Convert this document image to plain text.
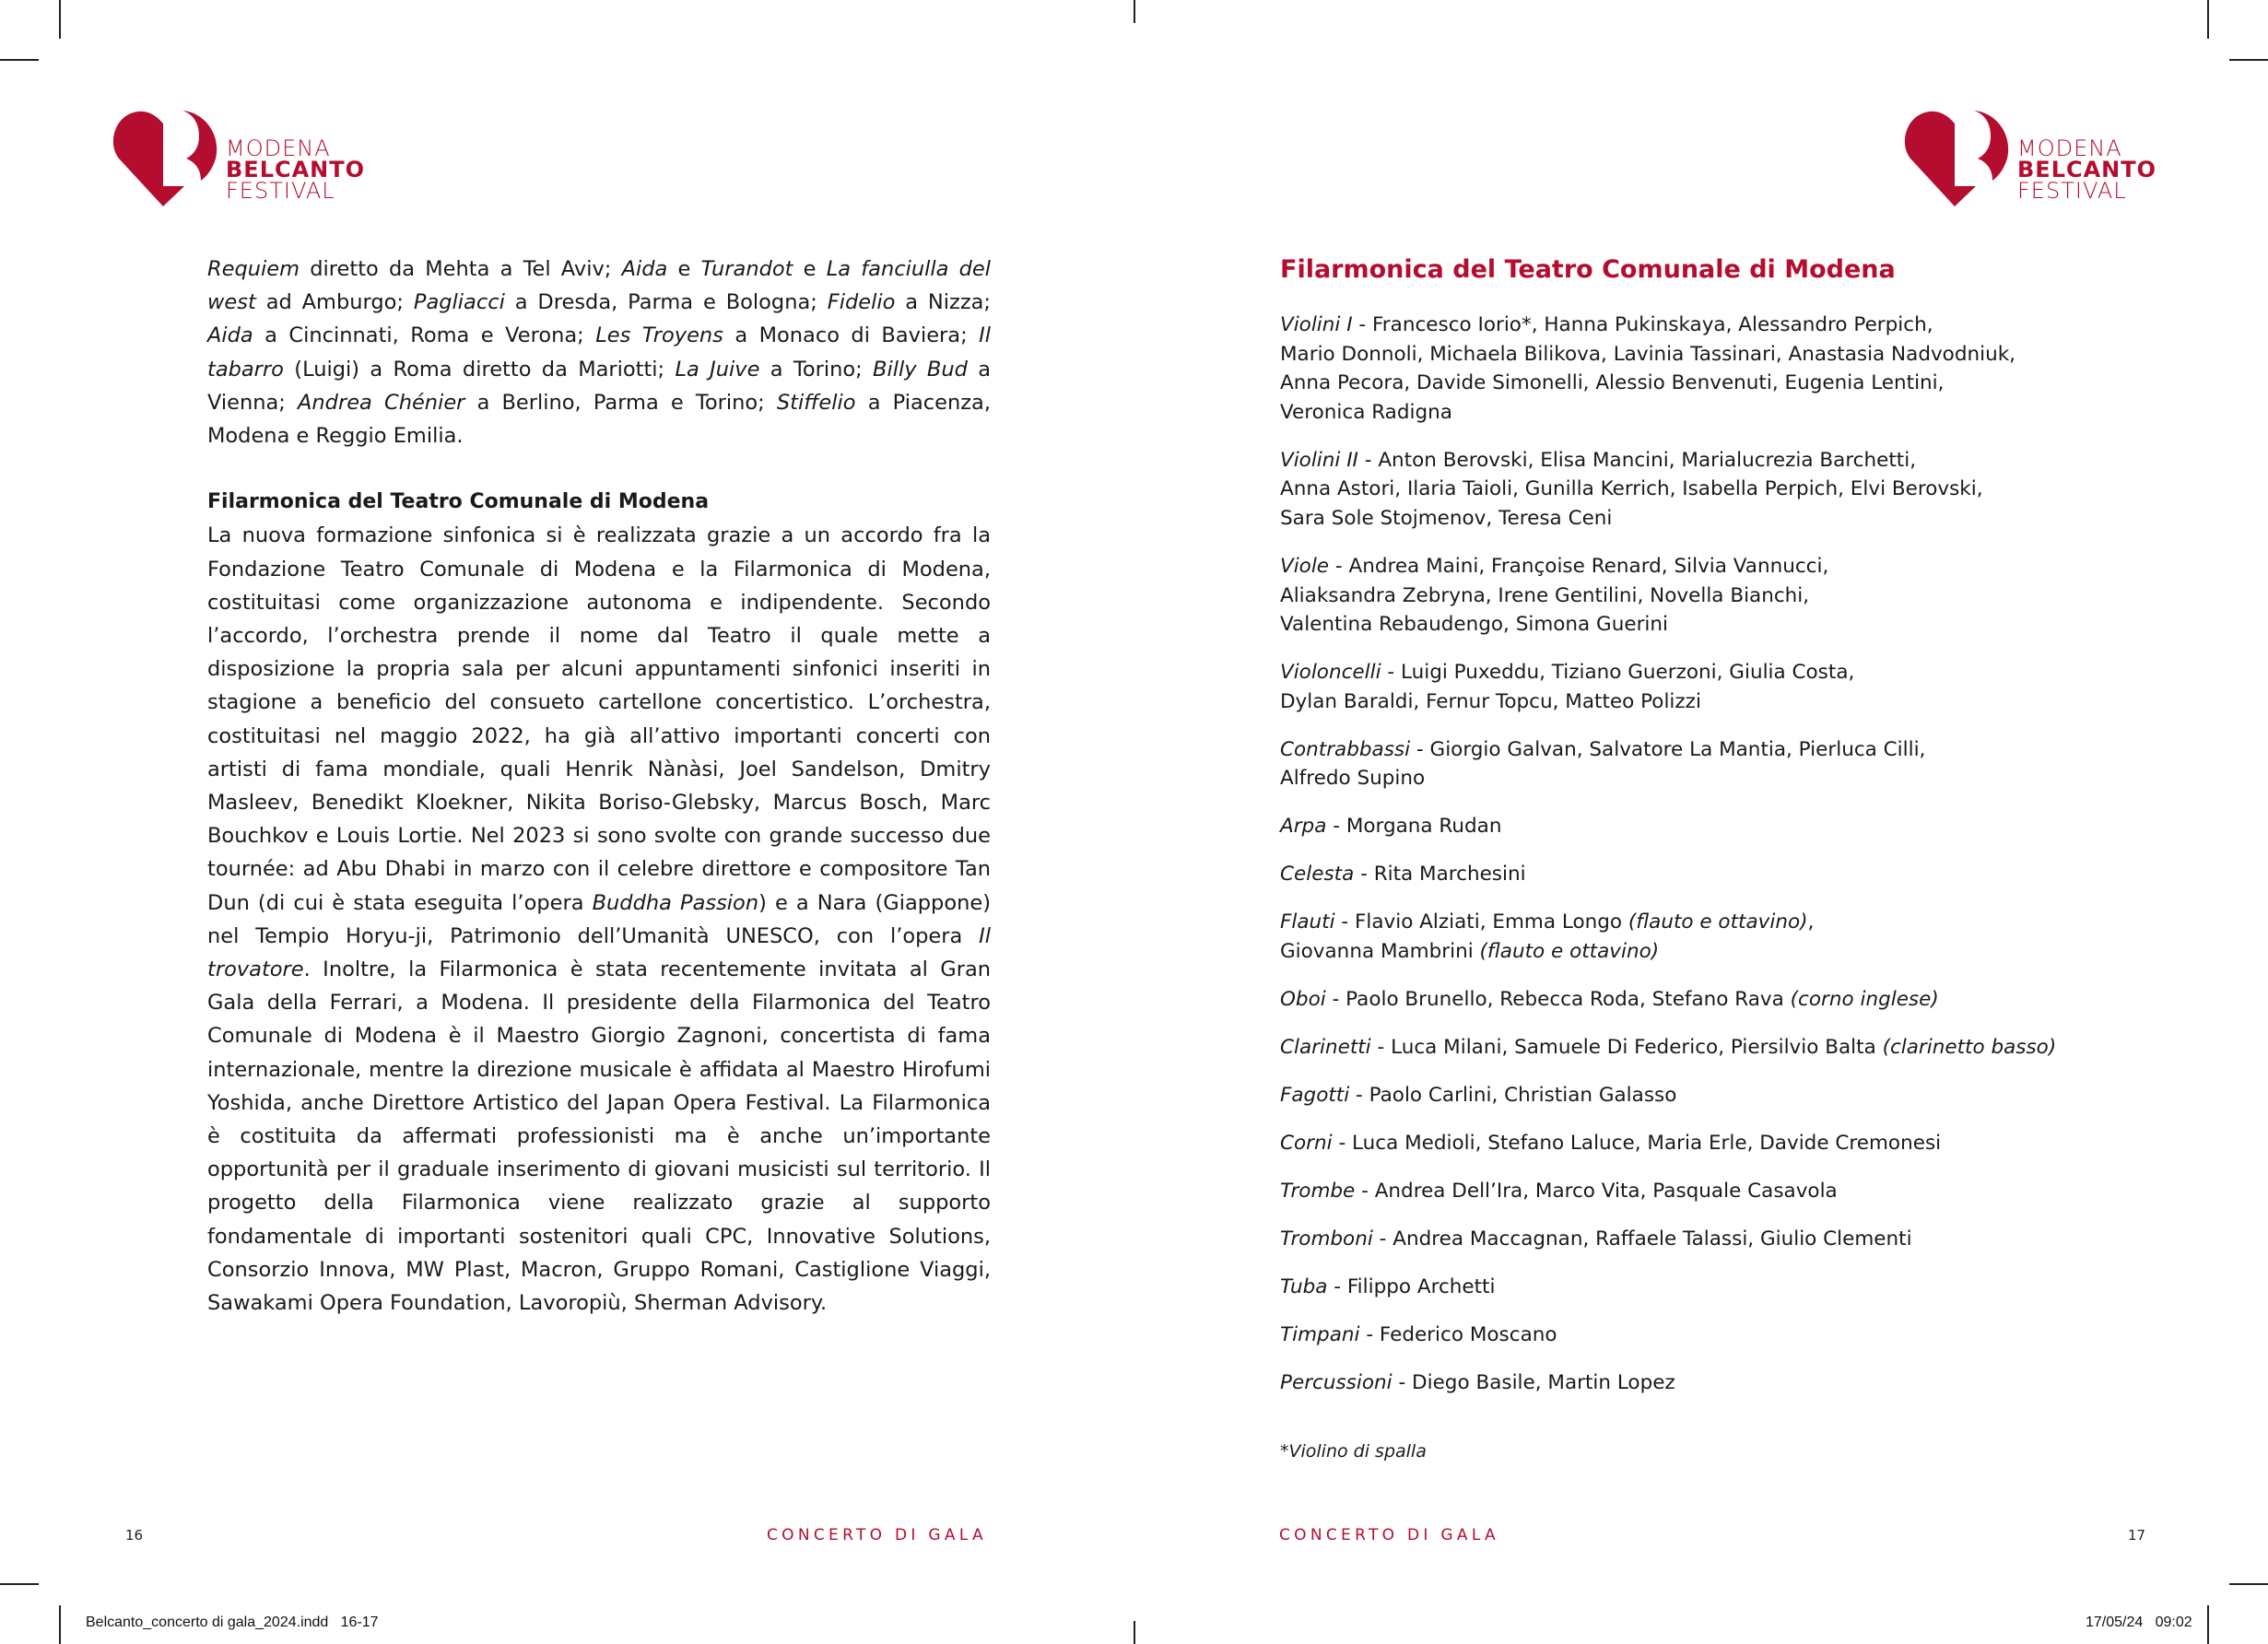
MODENA
BELCANTO
FESTIVAL
MODENA
BELCANTO
FESTIVAL

Requiem diretto da Mehta a Tel Aviv; Aida e Turandot e La fanciulla del west ad Amburgo; Pagliacci a Dresda, Parma e Bologna; Fidelio a Nizza; Aida a Cincinnati, Roma e Verona; Les Troyens a Monaco di Baviera; Il tabarro (Luigi) a Roma diretto da Mariotti; La Juive a Torino; Billy Bud a Vienna; Andrea Chénier a Berlino, Parma e Torino; Stiffelio a Piacenza, Modena e Reggio Emilia.

Filarmonica del Teatro Comunale di Modena
La nuova formazione sinfonica si è realizzata grazie a un accordo fra la Fondazione Teatro Comunale di Modena e la Filarmonica di Modena, costituitasi come organizzazione autonoma e indipendente. Secondo l’accordo, l’orchestra prende il nome dal Teatro il quale mette a disposizione la propria sala per alcuni appuntamenti sinfonici inseriti in stagione a beneficio del consueto cartellone concertistico. L’orchestra, costituitasi nel maggio 2022, ha già all’attivo importanti concerti con artisti di fama mondiale, quali Henrik Nànàsi, Joel Sandelson, Dmitry Masleev, Benedikt Kloekner, Nikita Boriso-Glebsky, Marcus Bosch, Marc Bouchkov e Louis Lortie. Nel 2023 si sono svolte con grande successo due tournée: ad Abu Dhabi in marzo con il celebre direttore e compositore Tan Dun (di cui è stata eseguita l’opera Buddha Passion) e a Nara (Giappone) nel Tempio Horyu-ji, Patrimonio dell’Umanità UNESCO, con l’opera Il trovatore. Inoltre, la Filarmonica è stata recentemente invitata al Gran Gala della Ferrari, a Modena. Il presidente della Filarmonica del Teatro Comunale di Modena è il Maestro Giorgio Zagnoni, concertista di fama internazionale, mentre la direzione musicale è affidata al Maestro Hirofumi Yoshida, anche Direttore Artistico del Japan Opera Festival. La Filarmonica è costituita da affermati professionisti ma è anche un’importante opportunità per il graduale inserimento di giovani musicisti sul territorio. Il progetto della Filarmonica viene realizzato grazie al supporto fondamentale di importanti sostenitori quali CPC, Innovative Solutions, Consorzio Innova, MW Plast, Macron, Gruppo Romani, Castiglione Viaggi, Sawakami Opera Foundation, Lavoropiù, Sherman Advisory.

Filarmonica del Teatro Comunale di Modena
Violini I - Francesco Iorio*, Hanna Pukinskaya, Alessandro Perpich,
Mario Donnoli, Michaela Bilikova, Lavinia Tassinari, Anastasia Nadvodniuk,
Anna Pecora, Davide Simonelli, Alessio Benvenuti, Eugenia Lentini,
Veronica Radigna
Violini II - Anton Berovski, Elisa Mancini, Marialucrezia Barchetti,
Anna Astori, Ilaria Taioli, Gunilla Kerrich, Isabella Perpich, Elvi Berovski,
Sara Sole Stojmenov, Teresa Ceni
Viole - Andrea Maini, Françoise Renard, Silvia Vannucci,
Aliaksandra Zebryna, Irene Gentilini, Novella Bianchi,
Valentina Rebaudengo, Simona Guerini
Violoncelli - Luigi Puxeddu, Tiziano Guerzoni, Giulia Costa,
Dylan Baraldi, Fernur Topcu, Matteo Polizzi
Contrabbassi - Giorgio Galvan, Salvatore La Mantia, Pierluca Cilli,
Alfredo Supino
Arpa - Morgana Rudan
Celesta - Rita Marchesini
Flauti - Flavio Alziati, Emma Longo (flauto e ottavino),
Giovanna Mambrini (flauto e ottavino)
Oboi - Paolo Brunello, Rebecca Roda, Stefano Rava (corno inglese)
Clarinetti - Luca Milani, Samuele Di Federico, Piersilvio Balta (clarinetto basso)
Fagotti - Paolo Carlini, Christian Galasso
Corni - Luca Medioli, Stefano Laluce, Maria Erle, Davide Cremonesi
Trombe - Andrea Dell’Ira, Marco Vita, Pasquale Casavola
Tromboni - Andrea Maccagnan, Raffaele Talassi, Giulio Clementi
Tuba - Filippo Archetti
Timpani - Federico Moscano
Percussioni - Diego Basile, Martin Lopez
*Violino di spalla
16	CONCERTO DI GALA	CONCERTO DI GALA	17
Belcanto_concerto di gala_2024.indd   16-17	17/05/24   09:02
